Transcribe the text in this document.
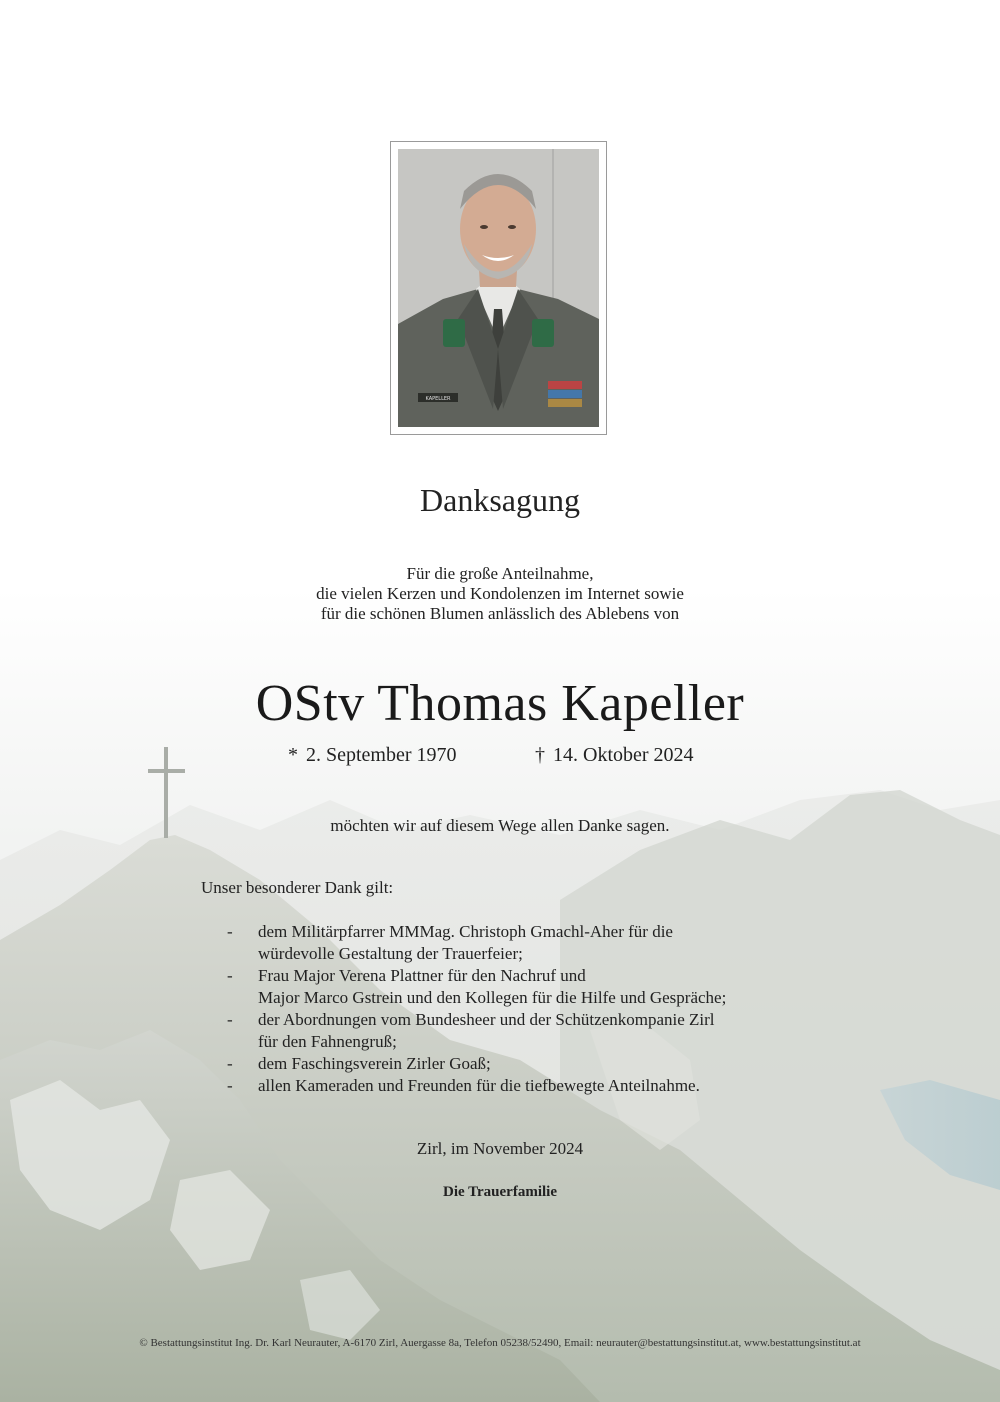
KAPELLER
Danksagung
Für die große Anteilnahme,
die vielen Kerzen und Kondolenzen im Internet sowie
für die schönen Blumen anlässlich des Ablebens von
OStv Thomas Kapeller
* 2. September 1970	† 14. Oktober 2024
möchten wir auf diesem Wege allen Danke sagen.
Unser besonderer Dank gilt:
- dem Militärpfarrer MMMag. Christoph Gmachl-Aher für die
würdevolle Gestaltung der Trauerfeier;
- Frau Major Verena Plattner für den Nachruf und
Major Marco Gstrein und den Kollegen für die Hilfe und Gespräche;
- der Abordnungen vom Bundesheer und der Schützenkompanie Zirl
für den Fahnengruß;
- dem Faschingsverein Zirler Goaß;
- allen Kameraden und Freunden für die tiefbewegte Anteilnahme.
Zirl, im November 2024
Die Trauerfamilie
© Bestattungsinstitut Ing. Dr. Karl Neurauter, A-6170 Zirl, Auergasse 8a, Telefon 05238/52490, Email: neurauter@bestattungsinstitut.at, www.bestattungsinstitut.at
